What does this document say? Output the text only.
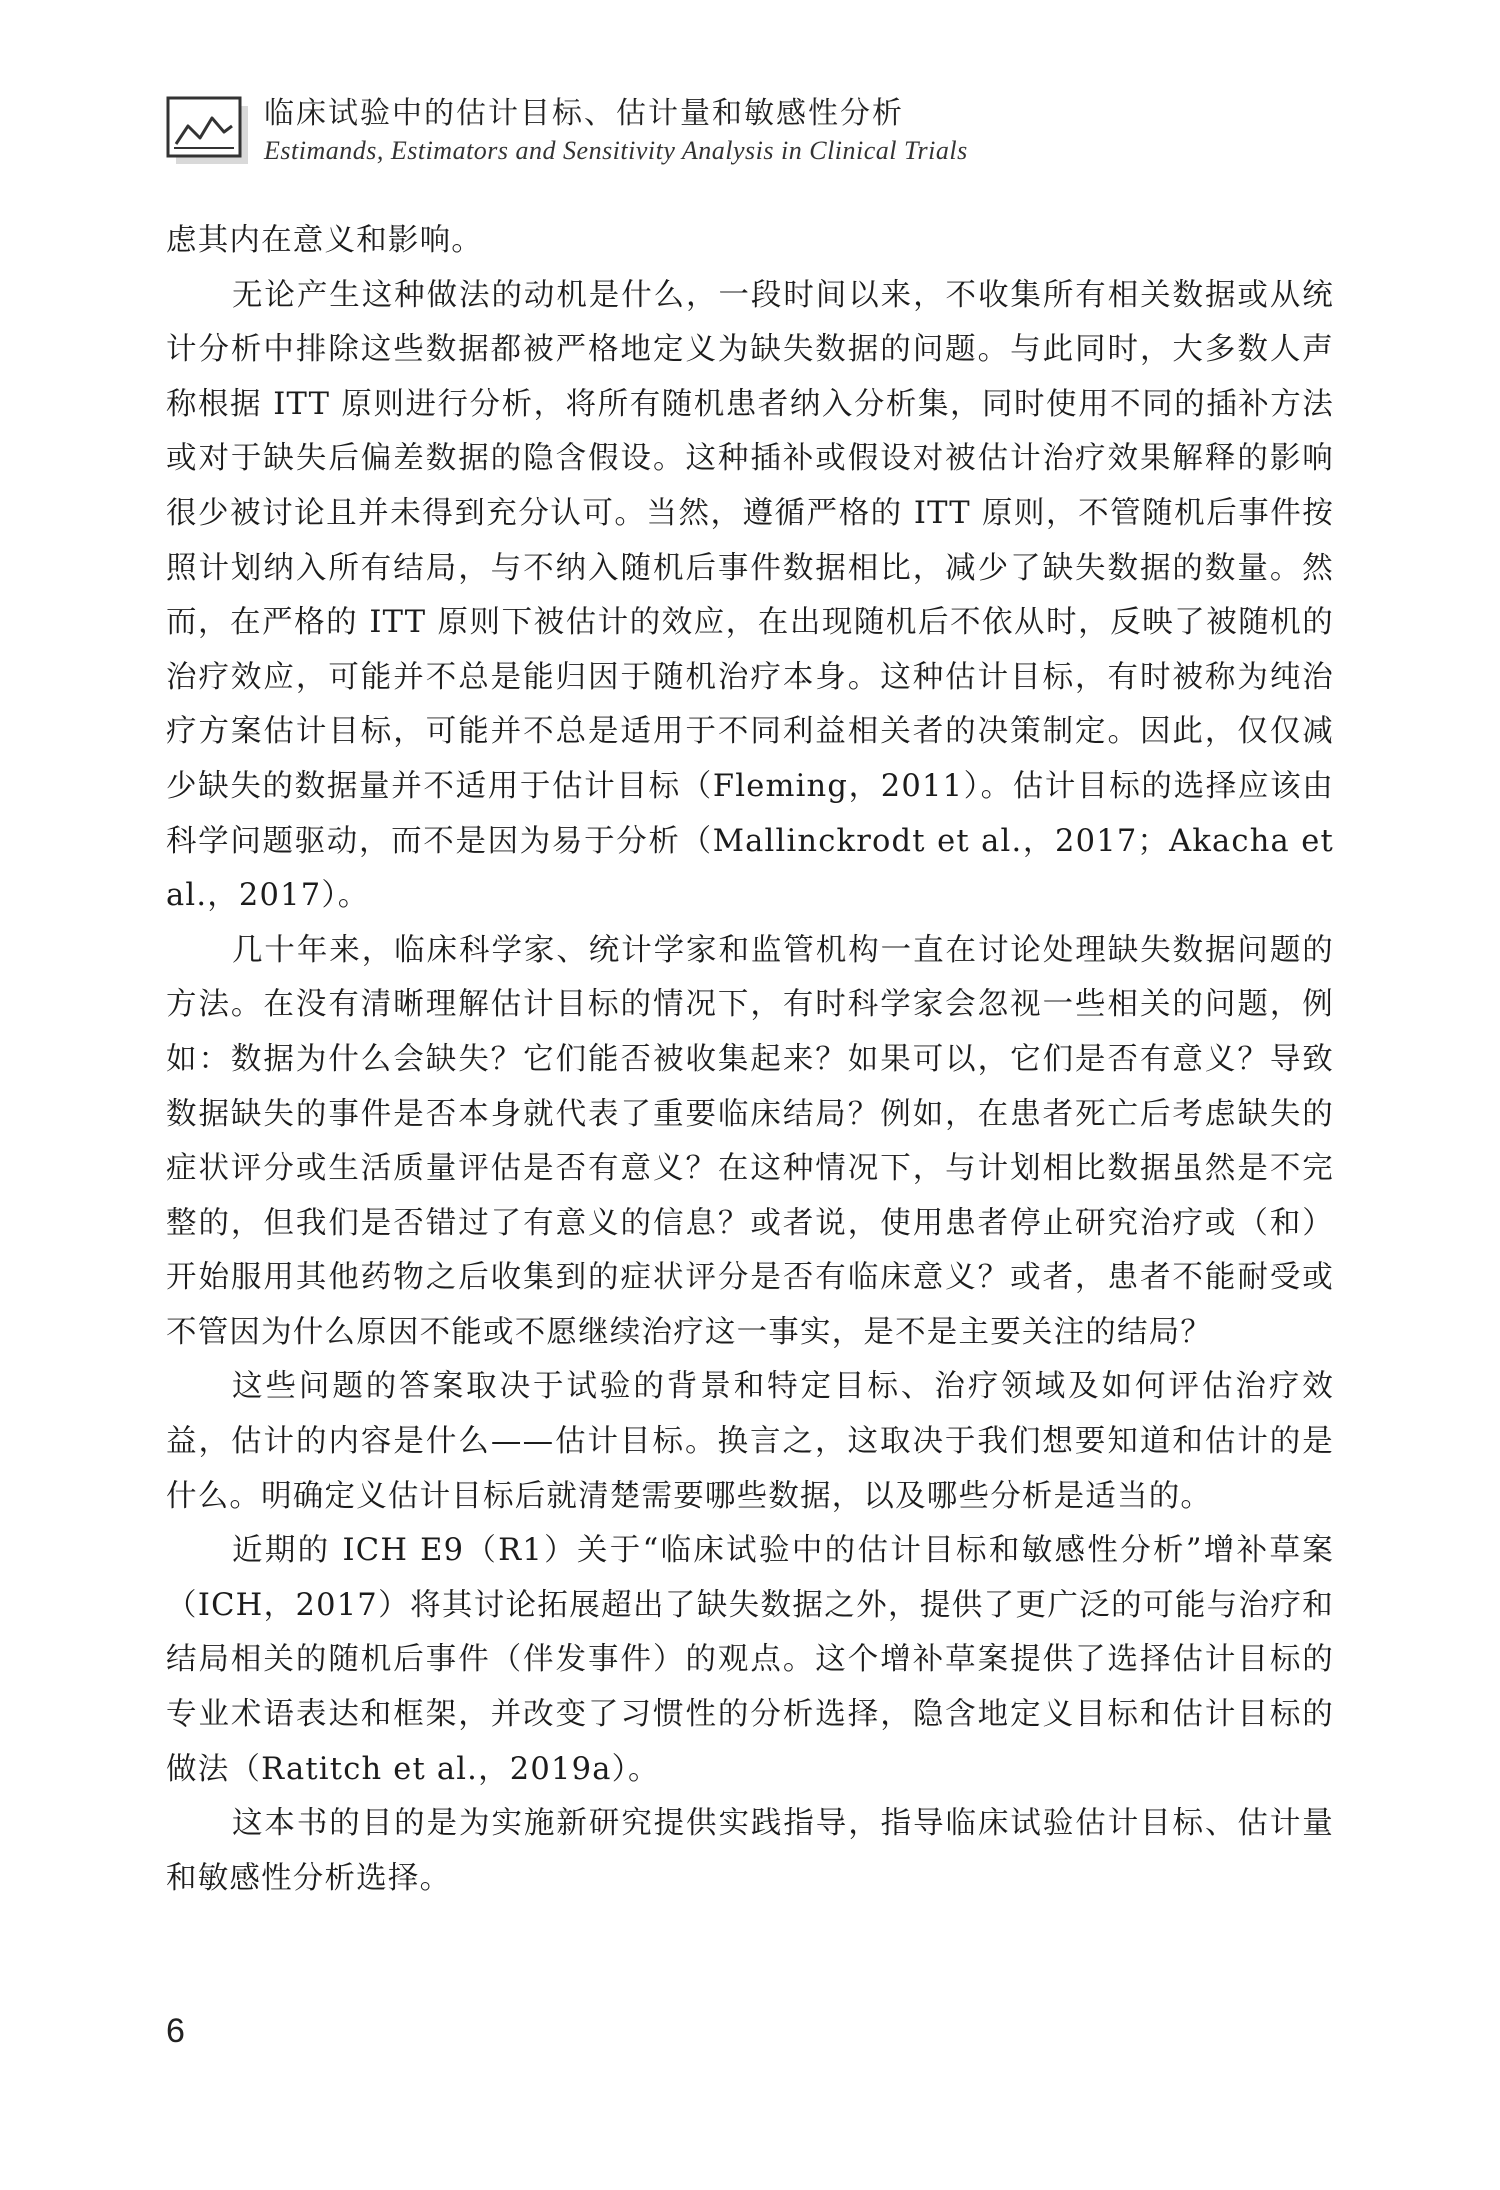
临床试验中的估计目标、估计量和敏感性分析
Estimands, Estimators and Sensitivity Analysis in Clinical Trials

虑其内在意义和影响。

无论产生这种做法的动机是什么，一段时间以来，不收集所有相关数据或从统计分析中排除这些数据都被严格地定义为缺失数据的问题。与此同时，大多数人声称根据 ITT 原则进行分析，将所有随机患者纳入分析集，同时使用不同的插补方法或对于缺失后偏差数据的隐含假设。这种插补或假设对被估计治疗效果解释的影响很少被讨论且并未得到充分认可。当然，遵循严格的 ITT 原则，不管随机后事件按照计划纳入所有结局，与不纳入随机后事件数据相比，减少了缺失数据的数量。然而，在严格的 ITT 原则下被估计的效应，在出现随机后不依从时，反映了被随机的治疗效应，可能并不总是能归因于随机治疗本身。这种估计目标，有时被称为纯治疗方案估计目标，可能并不总是适用于不同利益相关者的决策制定。因此，仅仅减少缺失的数据量并不适用于估计目标（Fleming，2011）。估计目标的选择应该由科学问题驱动，而不是因为易于分析（Mallinckrodt et al.，2017；Akacha et al.，2017）。

几十年来，临床科学家、统计学家和监管机构一直在讨论处理缺失数据问题的方法。在没有清晰理解估计目标的情况下，有时科学家会忽视一些相关的问题，例如：数据为什么会缺失？它们能否被收集起来？如果可以，它们是否有意义？导致数据缺失的事件是否本身就代表了重要临床结局？例如，在患者死亡后考虑缺失的症状评分或生活质量评估是否有意义？在这种情况下，与计划相比数据虽然是不完整的，但我们是否错过了有意义的信息？或者说，使用患者停止研究治疗或（和）开始服用其他药物之后收集到的症状评分是否有临床意义？或者，患者不能耐受或不管因为什么原因不能或不愿继续治疗这一事实，是不是主要关注的结局？

这些问题的答案取决于试验的背景和特定目标、治疗领域及如何评估治疗效益，估计的内容是什么——估计目标。换言之，这取决于我们想要知道和估计的是什么。明确定义估计目标后就清楚需要哪些数据，以及哪些分析是适当的。

近期的 ICH E9（R1）关于“临床试验中的估计目标和敏感性分析”增补草案（ICH，2017）将其讨论拓展超出了缺失数据之外，提供了更广泛的可能与治疗和结局相关的随机后事件（伴发事件）的观点。这个增补草案提供了选择估计目标的专业术语表达和框架，并改变了习惯性的分析选择，隐含地定义目标和估计目标的做法（Ratitch et al.，2019a）。

这本书的目的是为实施新研究提供实践指导，指导临床试验估计目标、估计量和敏感性分析选择。

6
